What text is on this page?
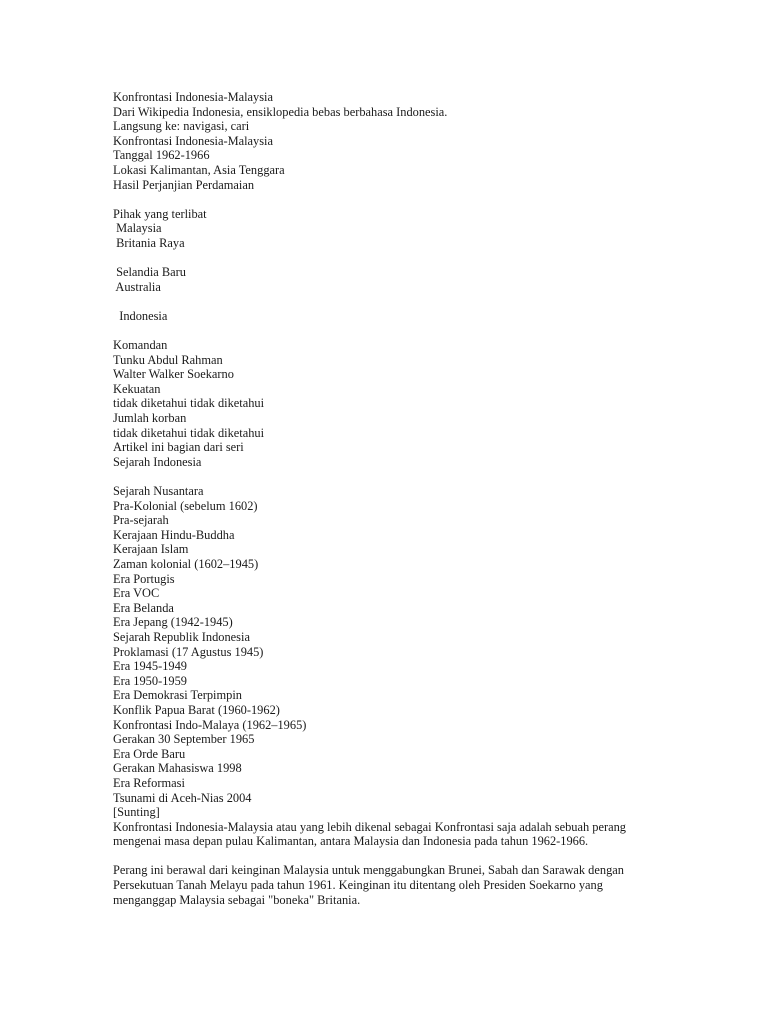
Konfrontasi Indonesia-Malaysia
Dari Wikipedia Indonesia, ensiklopedia bebas berbahasa Indonesia.
Langsung ke: navigasi, cari
Konfrontasi Indonesia-Malaysia
Tanggal 1962-1966
Lokasi Kalimantan, Asia Tenggara
Hasil Perjanjian Perdamaian
Pihak yang terlibat
Malaysia
Britania Raya
Selandia Baru
Australia
Indonesia
Komandan
Tunku Abdul Rahman
Walter Walker Soekarno
Kekuatan
tidak diketahui tidak diketahui
Jumlah korban
tidak diketahui tidak diketahui
Artikel ini bagian dari seri
Sejarah Indonesia
Sejarah Nusantara
Pra-Kolonial (sebelum 1602)
Pra-sejarah
Kerajaan Hindu-Buddha
Kerajaan Islam
Zaman kolonial (1602–1945)
Era Portugis
Era VOC
Era Belanda
Era Jepang (1942-1945)
Sejarah Republik Indonesia
Proklamasi (17 Agustus 1945)
Era 1945-1949
Era 1950-1959
Era Demokrasi Terpimpin
Konflik Papua Barat (1960-1962)
Konfrontasi Indo-Malaya (1962–1965)
Gerakan 30 September 1965
Era Orde Baru
Gerakan Mahasiswa 1998
Era Reformasi
Tsunami di Aceh-Nias 2004
[Sunting]
Konfrontasi Indonesia-Malaysia atau yang lebih dikenal sebagai Konfrontasi saja adalah sebuah perang
mengenai masa depan pulau Kalimantan, antara Malaysia dan Indonesia pada tahun 1962-1966.
Perang ini berawal dari keinginan Malaysia untuk menggabungkan Brunei, Sabah dan Sarawak dengan
Persekutuan Tanah Melayu pada tahun 1961. Keinginan itu ditentang oleh Presiden Soekarno yang
menganggap Malaysia sebagai "boneka" Britania.
